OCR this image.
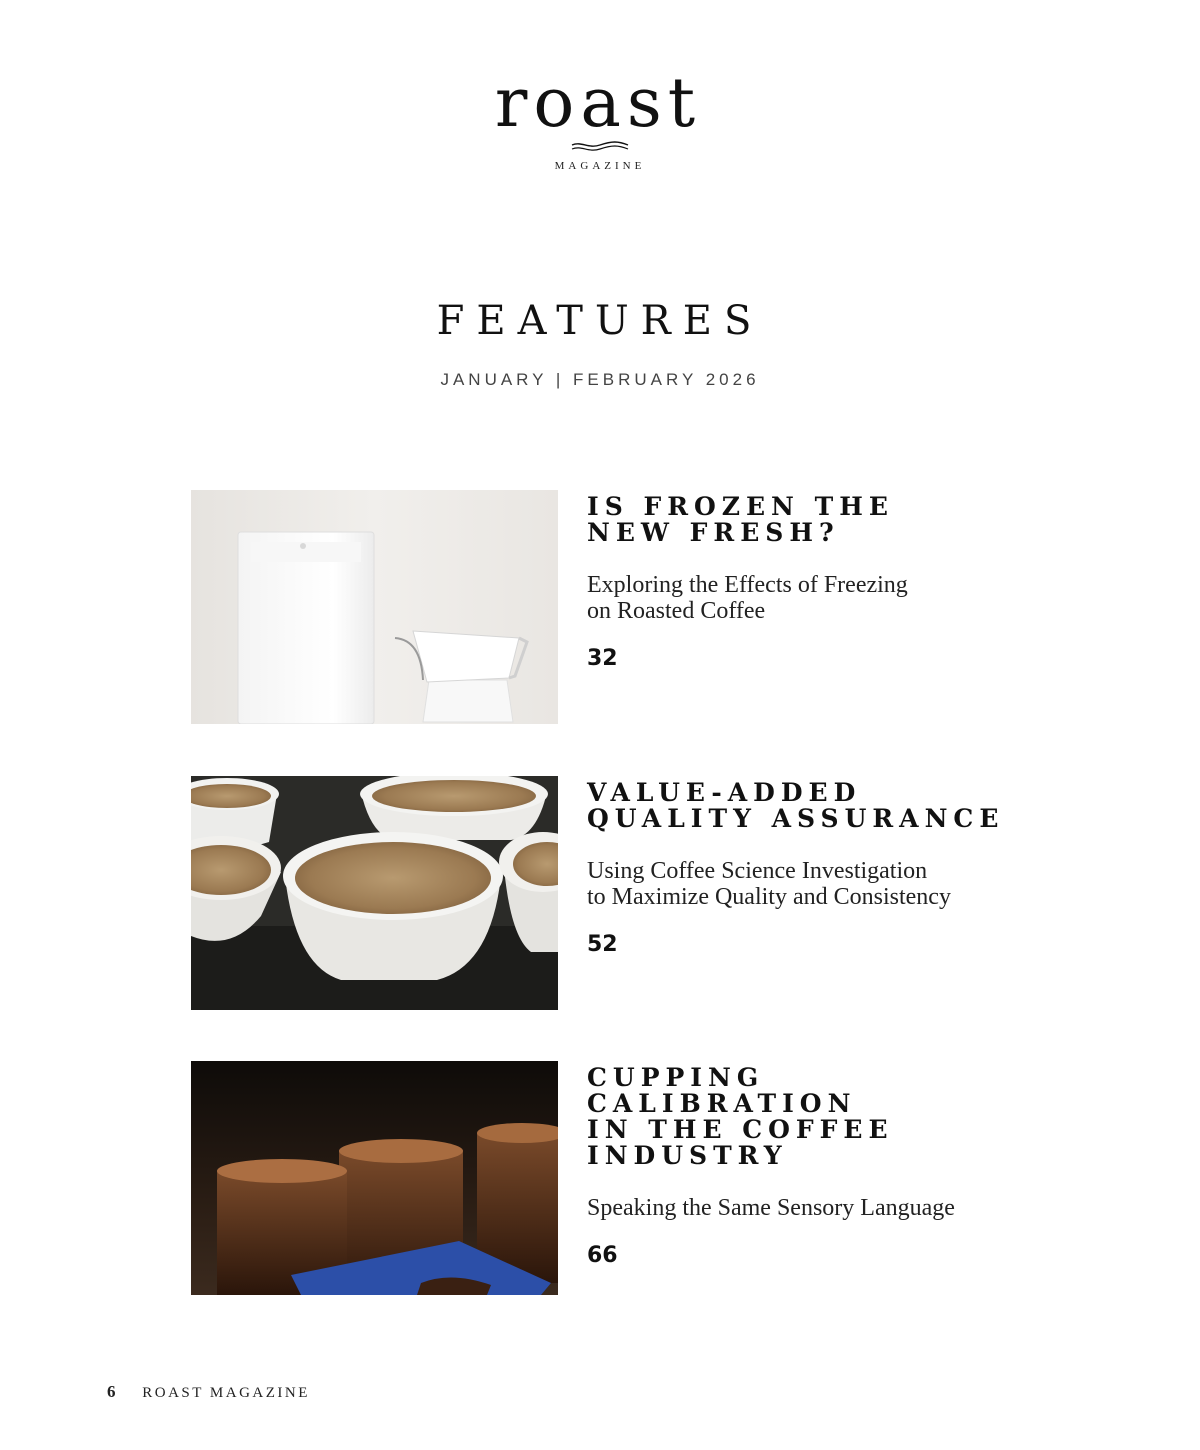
roast
MAGAZINE
FEATURES
JANUARY | FEBRUARY 2026
IS FROZEN THE
NEW FRESH?
Exploring the Effects of Freezing
on Roasted Coffee
32
VALUE-ADDED
QUALITY ASSURANCE
Using Coffee Science Investigation
to Maximize Quality and Consistency
52
CUPPING CALIBRATION
IN THE COFFEE
INDUSTRY
Speaking the Same Sensory Language
66
6 ROAST MAGAZINE
